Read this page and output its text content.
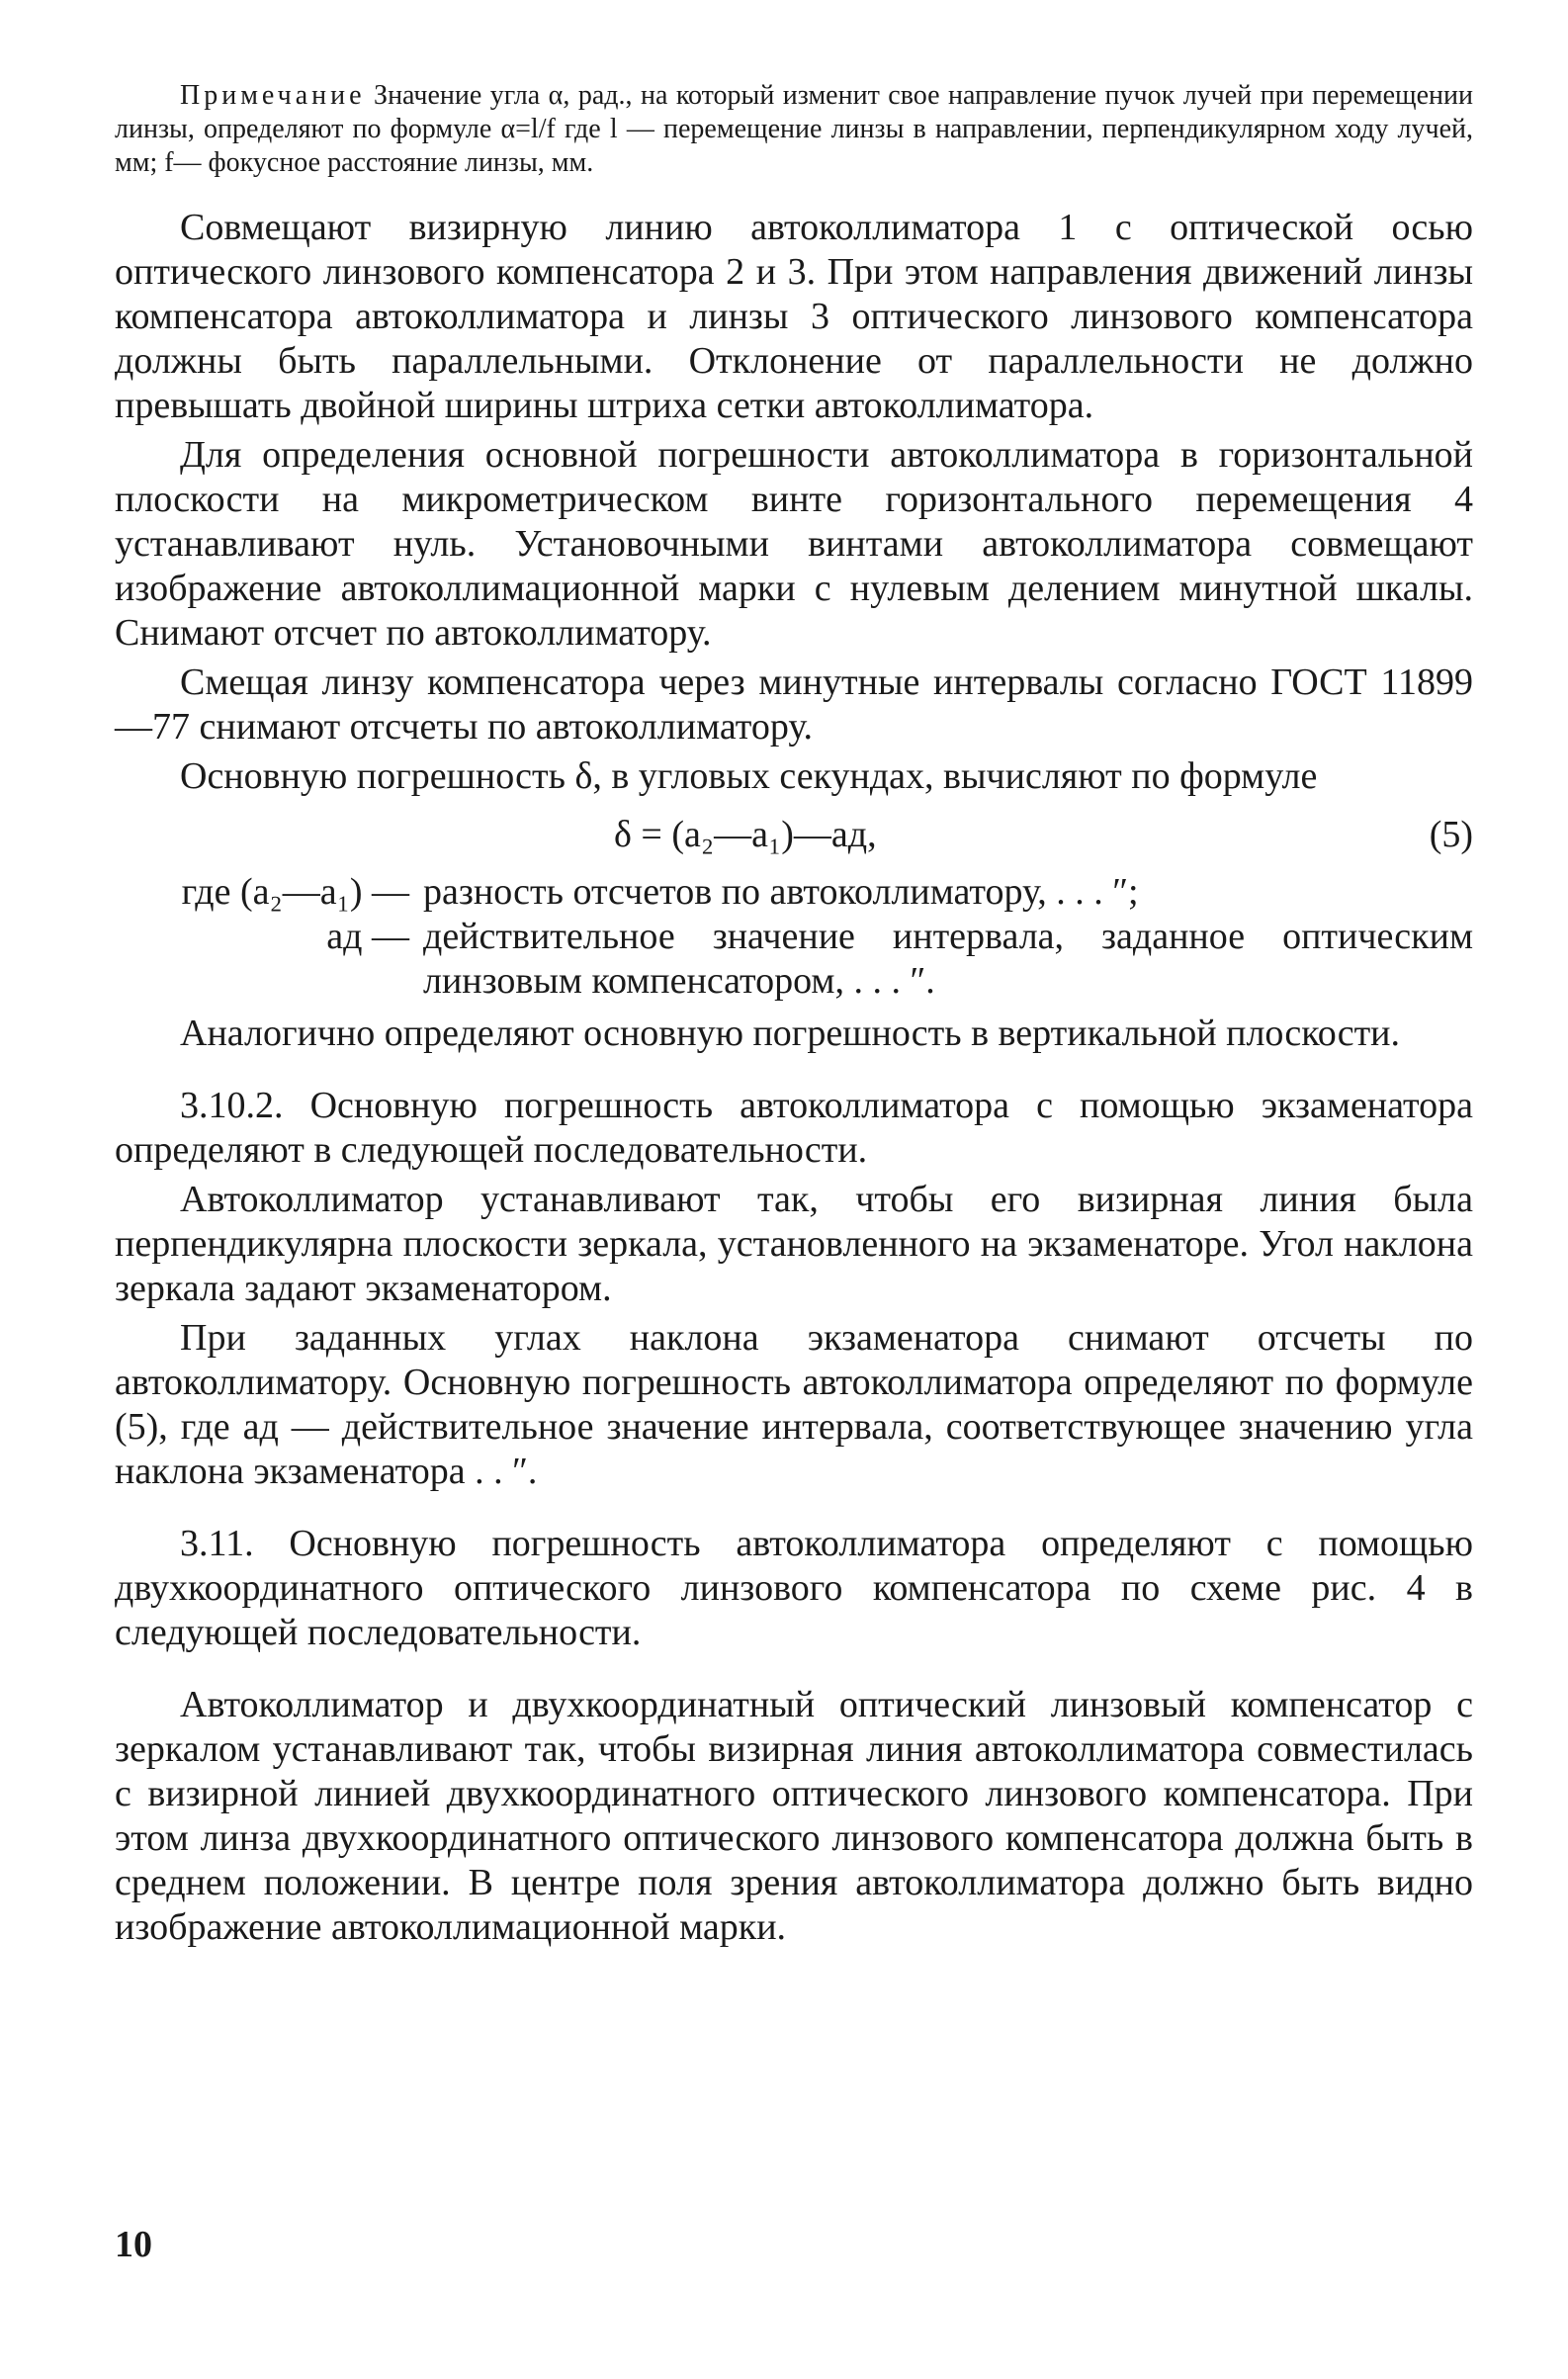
Примечание Значение угла α, рад., на который изменит свое направление пучок лучей при перемещении линзы, определяют по формуле α=l/f где l — перемещение линзы в направлении, перпендикулярном ходу лучей, мм; f— фокусное расстояние линзы, мм.

Совмещают визирную линию автоколлиматора 1 с оптической осью оптического линзового компенсатора 2 и 3. При этом направления движений линзы компенсатора автоколлиматора и линзы 3 оптического линзового компенсатора должны быть параллельными. Отклонение от параллельности не должно превышать двойной ширины штриха сетки автоколлиматора.

Для определения основной погрешности автоколлиматора в горизонтальной плоскости на микрометрическом винте горизонтального перемещения 4 устанавливают нуль. Установочными винтами автоколлиматора совмещают изображение автоколлимационной марки с нулевым делением минутной шкалы. Снимают отсчет по автоколлиматору.

Смещая линзу компенсатора через минутные интервалы согласно ГОСТ 11899—77 снимают отсчеты по автоколлиматору.

Основную погрешность δ, в угловых секундах, вычисляют по формуле

δ = (a₂—a₁)—aд,	(5)
где (a₂—a₁) — разность отсчетов по автоколлиматору, . . . ″;
aд — действительное значение интервала, заданное оптическим линзовым компенсатором, . . . ″.

Аналогично определяют основную погрешность в вертикальной плоскости.

3.10.2. Основную погрешность автоколлиматора с помощью экзаменатора определяют в следующей последовательности.

Автоколлиматор устанавливают так, чтобы его визирная линия была перпендикулярна плоскости зеркала, установленного на экзаменаторе. Угол наклона зеркала задают экзаменатором.

При заданных углах наклона экзаменатора снимают отсчеты по автоколлиматору. Основную погрешность автоколлиматора определяют по формуле (5), где aд — действительное значение интервала, соответствующее значению угла наклона экзаменатора . . ″.

3.11. Основную погрешность автоколлиматора определяют с помощью двухкоординатного оптического линзового компенсатора по схеме рис. 4 в следующей последовательности.

Автоколлиматор и двухкоординатный оптический линзовый компенсатор с зеркалом устанавливают так, чтобы визирная линия автоколлиматора совместилась с визирной линией двухкоординатного оптического линзового компенсатора. При этом линза двухкоординатного оптического линзового компенсатора должна быть в среднем положении. В центре поля зрения автоколлиматора должно быть видно изображение автоколлимационной марки.

10
